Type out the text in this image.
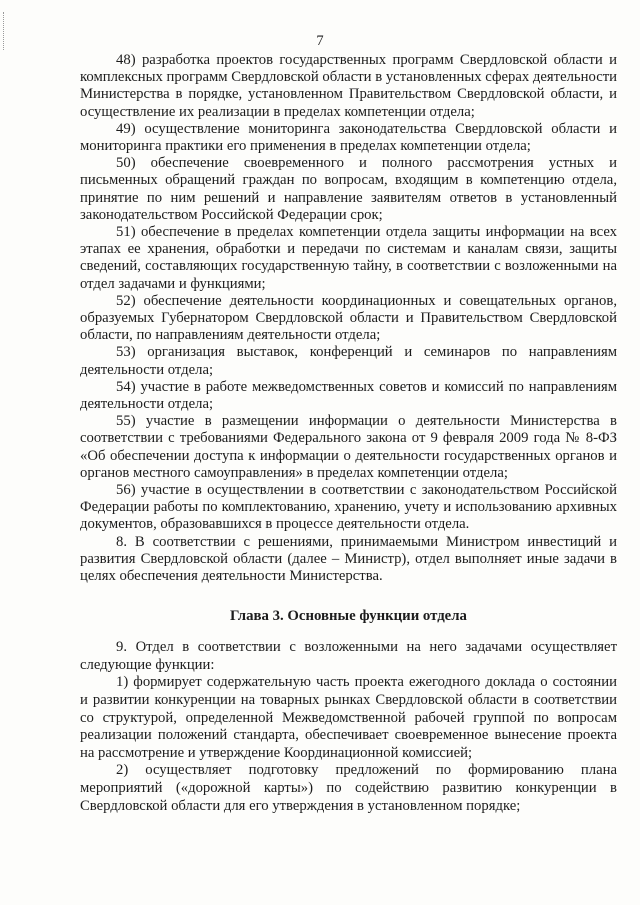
7

48) разработка проектов государственных программ Свердловской области и комплексных программ Свердловской области в установленных сферах деятельности Министерства в порядке, установленном Правительством Свердловской области, и осуществление их реализации в пределах компетенции отдела;

49) осуществление мониторинга законодательства Свердловской области и мониторинга практики его применения в пределах компетенции отдела;

50) обеспечение своевременного и полного рассмотрения устных и письменных обращений граждан по вопросам, входящим в компетенцию отдела, принятие по ним решений и направление заявителям ответов в установленный законодательством Российской Федерации срок;

51) обеспечение в пределах компетенции отдела защиты информации на всех этапах ее хранения, обработки и передачи по системам и каналам связи, защиты сведений, составляющих государственную тайну, в соответствии с возложенными на отдел задачами и функциями;

52) обеспечение деятельности координационных и совещательных органов, образуемых Губернатором Свердловской области и Правительством Свердловской области, по направлениям деятельности отдела;

53) организация выставок, конференций и семинаров по направлениям деятельности отдела;

54) участие в работе межведомственных советов и комиссий по направлениям деятельности отдела;

55) участие в размещении информации о деятельности Министерства в соответствии с требованиями Федерального закона от 9 февраля 2009 года № 8-ФЗ «Об обеспечении доступа к информации о деятельности государственных органов и органов местного самоуправления» в пределах компетенции отдела;

56) участие в осуществлении в соответствии с законодательством Российской Федерации работы по комплектованию, хранению, учету и использованию архивных документов, образовавшихся в процессе деятельности отдела.

8. В соответствии с решениями, принимаемыми Министром инвестиций и развития Свердловской области (далее – Министр), отдел выполняет иные задачи в целях обеспечения деятельности Министерства.

Глава 3. Основные функции отдела

9. Отдел в соответствии с возложенными на него задачами осуществляет следующие функции:

1) формирует содержательную часть проекта ежегодного доклада о состоянии и развитии конкуренции на товарных рынках Свердловской области в соответствии со структурой, определенной Межведомственной рабочей группой по вопросам реализации положений стандарта, обеспечивает своевременное вынесение проекта на рассмотрение и утверждение Координационной комиссией;

2) осуществляет подготовку предложений по формированию плана мероприятий («дорожной карты») по содействию развитию конкуренции в Свердловской области для его утверждения в установленном порядке;
